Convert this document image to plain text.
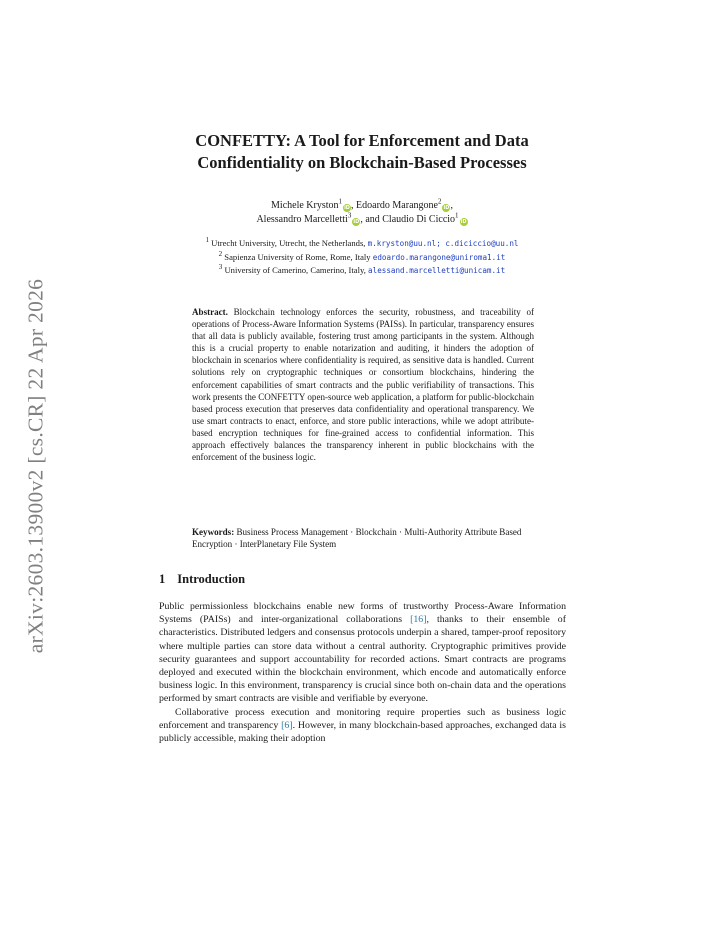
arXiv:2603.13900v2 [cs.CR] 22 Apr 2026
CONFETTY: A Tool for Enforcement and Data
Confidentiality on Blockchain-Based Processes
Michele Kryston$^1$iD, Edoardo Marangone$^2$iD,
Alessandro Marcelletti$^3$iD, and Claudio Di Ciccio$^1$iD
$^1$ Utrecht University, Utrecht, the Netherlands, m.kryston@uu.nl; c.diciccio@uu.nl
$^2$ Sapienza University of Rome, Rome, Italy edoardo.marangone@uniroma1.it
$^3$ University of Camerino, Camerino, Italy, alessand.marcelletti@unicam.it
Abstract. Blockchain technology enforces the security, robustness, and traceability of operations of Process-Aware Information Systems (PAISs). In particular, transparency ensures that all data is publicly available, fostering trust among participants in the system. Although this is a crucial property to enable notarization and auditing, it hinders the adoption of blockchain in scenarios where confidentiality is required, as sensitive data is handled. Current solutions rely on cryptographic techniques or consortium blockchains, hindering the enforcement capabilities of smart contracts and the public verifiability of transactions. This work presents the CONFETTY open-source web application, a platform for public-blockchain based process execution that preserves data confidentiality and operational transparency. We use smart contracts to enact, enforce, and store public interactions, while we adopt attribute-based encryption techniques for fine-grained access to confidential information. This approach effectively balances the transparency inherent in public blockchains with the enforcement of the business logic.
Keywords: Business Process Management · Blockchain · Multi-Authority Attribute Based Encryption · InterPlanetary File System
1 Introduction

Public permissionless blockchains enable new forms of trustworthy Process-Aware Information Systems (PAISs) and inter-organizational collaborations [16], thanks to their ensemble of characteristics. Distributed ledgers and consensus protocols underpin a shared, tamper-proof repository where multiple parties can store data without a central authority. Cryptographic primitives provide security guarantees and support accountability for recorded actions. Smart contracts are programs deployed and executed within the blockchain environment, which encode and automatically enforce business logic. In this environment, transparency is crucial since both on-chain data and the operations performed by smart contracts are visible and verifiable by everyone.

Collaborative process execution and monitoring require properties such as business logic enforcement and transparency [6]. However, in many blockchain-based approaches, exchanged data is publicly accessible, making their adoption
